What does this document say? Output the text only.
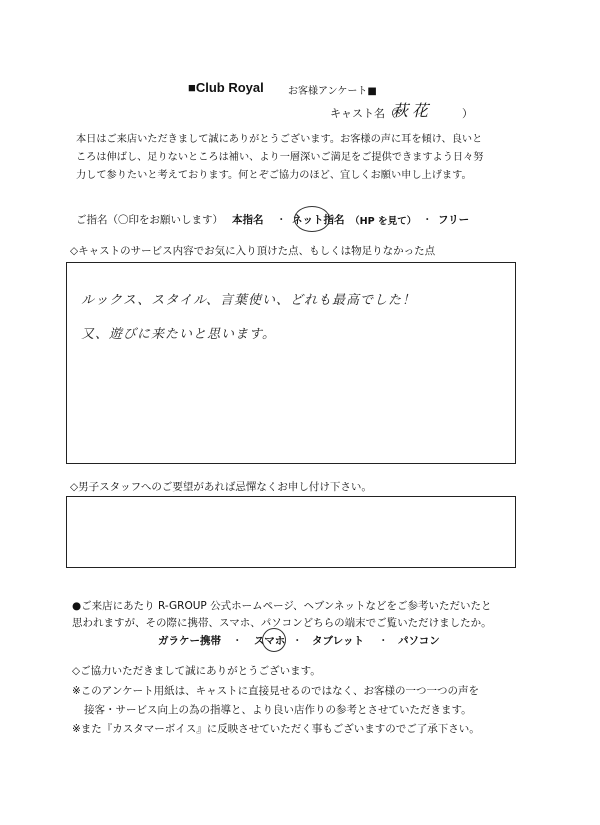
■Club Royal お客様アンケート■
キャスト名（
萩花	）
本日はご来店いただきまして誠にありがとうございます。お客様の声に耳を傾け、良いと
ころは伸ばし、足りないところは補い、より一層深いご満足をご提供できますよう日々努
力して参りたいと考えております。何とぞご協力のほど、宜しくお願い申し上げます。
ご指名（〇印をお願いします） 本指名 ・ ネット指名 （HP を見て） ・ フリー
◇キャストのサービス内容でお気に入り頂けた点、もしくは物足りなかった点
ルックス、スタイル、言葉使い、どれも最高でした！
又、遊びに来たいと思います。
◇男子スタッフへのご要望があれば忌憚なくお申し付け下さい。
●ご来店にあたり R-GROUP 公式ホームページ、ヘブンネットなどをご参考いただいたと
思われますが、その際に携帯、スマホ、パソコンどちらの端末でご覧いただけましたか。
ガラケー携帯 ・ スマホ ・ タブレット ・ パソコン
◇ご協力いただきまして誠にありがとうございます。
※このアンケート用紙は、キャストに直接見せるのではなく、お客様の一つ一つの声を
接客・サービス向上の為の指導と、より良い店作りの参考とさせていただきます。
※また『カスタマーボイス』に反映させていただく事もございますのでご了承下さい。
